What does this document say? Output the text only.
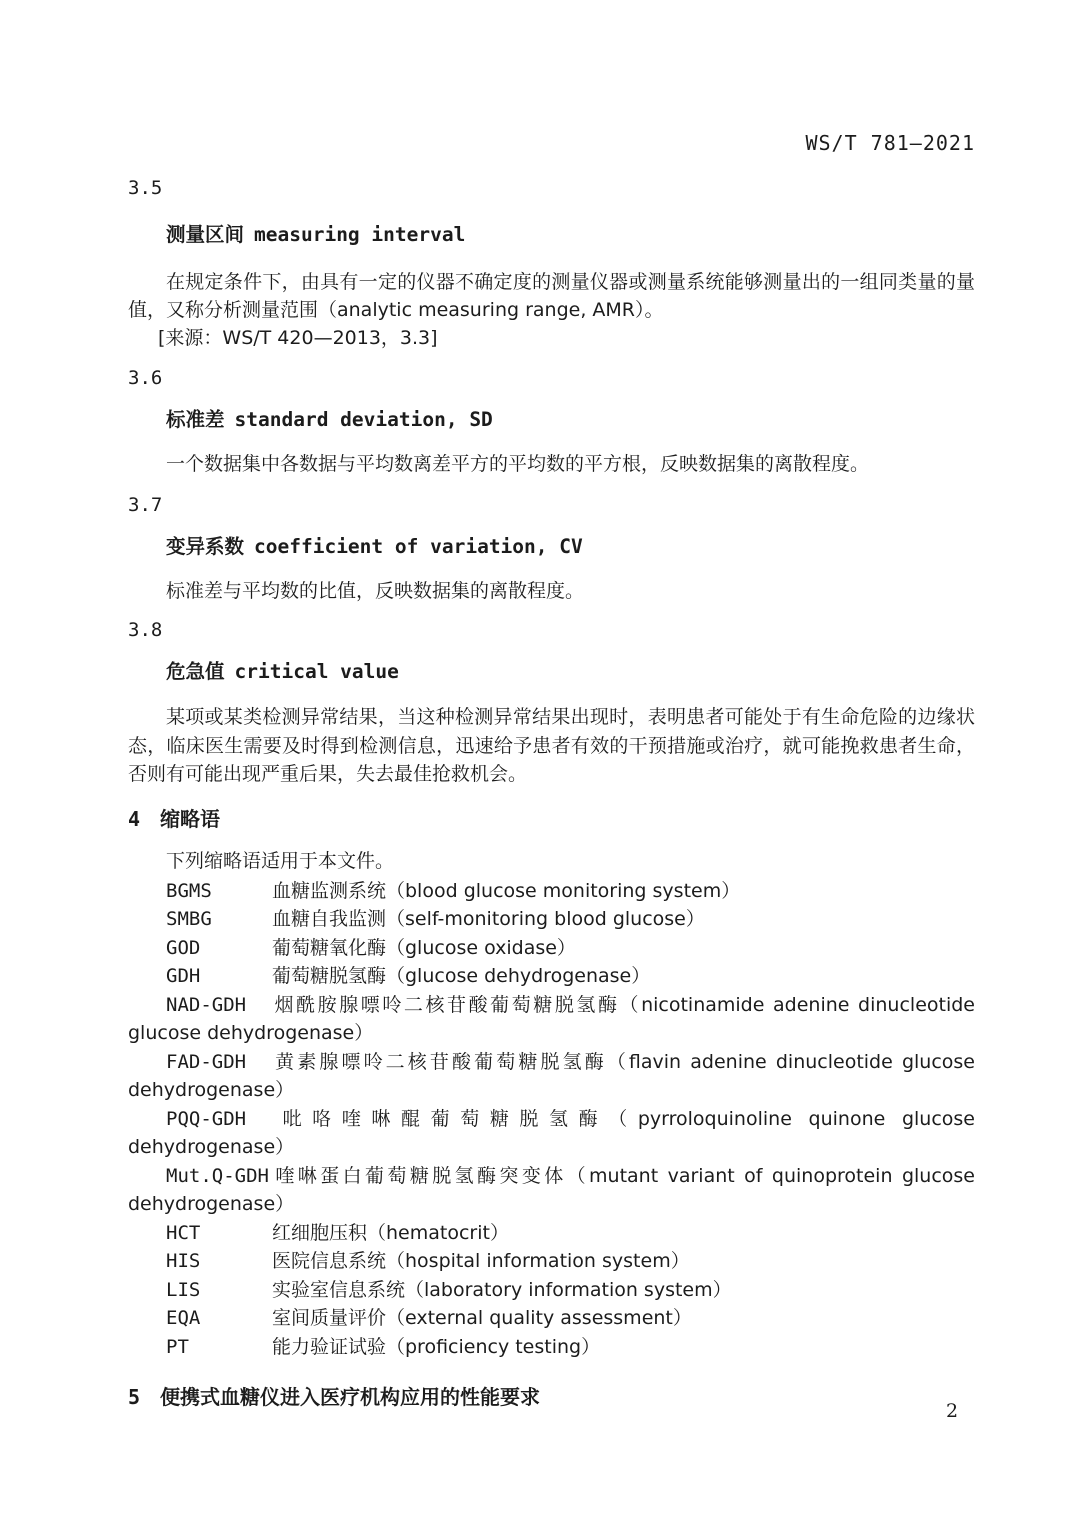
WS/T 781—2021
3.5
测量区间 measuring interval
在规定条件下，由具有一定的仪器不确定度的测量仪器或测量系统能够测量出的一组同类量的量值，又称分析测量范围（analytic measuring range, AMR）。
[来源：WS/T 420—2013，3.3]
3.6
标准差 standard deviation, SD
一个数据集中各数据与平均数离差平方的平均数的平方根，反映数据集的离散程度。
3.7
变异系数 coefficient of variation, CV
标准差与平均数的比值，反映数据集的离散程度。
3.8
危急值 critical value
某项或某类检测异常结果，当这种检测异常结果出现时，表明患者可能处于有生命危险的边缘状态，临床医生需要及时得到检测信息，迅速给予患者有效的干预措施或治疗，就可能挽救患者生命，否则有可能出现严重后果，失去最佳抢救机会。
4 缩略语
下列缩略语适用于本文件。
BGMS	血糖监测系统（blood glucose monitoring system）
SMBG	血糖自我监测（self-monitoring blood glucose）
GOD	葡萄糖氧化酶（glucose oxidase）
GDH	葡萄糖脱氢酶（glucose dehydrogenase）
NAD-GDH 烟酰胺腺嘌呤二核苷酸葡萄糖脱氢酶（nicotinamide adenine dinucleotide glucose dehydrogenase）
FAD-GDH 黄素腺嘌呤二核苷酸葡萄糖脱氢酶（flavin adenine dinucleotide glucose dehydrogenase）
PQQ-GDH 吡咯喹啉醌葡萄糖脱氢酶（pyrroloquinoline quinone glucose dehydrogenase）
Mut.Q-GDH 喹啉蛋白葡萄糖脱氢酶突变体（mutant variant of quinoprotein glucose dehydrogenase）
HCT	红细胞压积（hematocrit）
HIS	医院信息系统（hospital information system）
LIS	实验室信息系统（laboratory information system）
EQA	室间质量评价（external quality assessment）
PT	能力验证试验（proficiency testing）
5 便携式血糖仪进入医疗机构应用的性能要求
2
